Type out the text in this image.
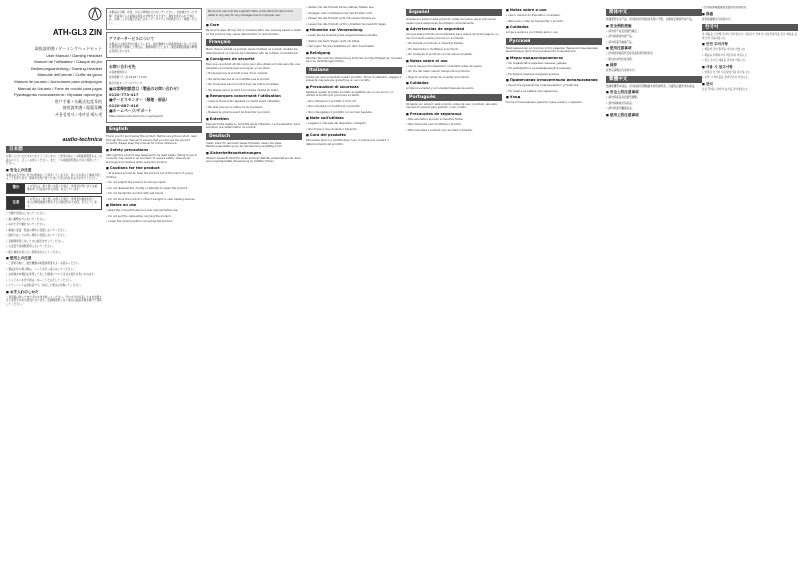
ATH-GL3 ZIN
取扱説明書 / ゲーミングヘッドセット
User Manual / Gaming Headset
Manuel de l'utilisateur / Casque de jeu
Bedienungsanleitung / Gaming-Headset
Manuale dell'utente / Cuffie da gioco
Manual de usuario / Auriculares para videojuegos
Manual do Usuário / Fone de ouvido para jogos
Руководство пользователя / Игровая гарнитура
用户手册 / 头戴式电竞耳机
使用說明書 / 電競耳機
사용설명서 / 게이밍 헤드셋
audio-technica
日本語
お買い上げいただきありがとうございます。ご使用の前にこの取扱説明書をよくお読みのうえ、正しくお使いください。また、この取扱説明書は大切に保管してください。
■ 安全上の注意
本製品は安全性に充分な配慮をして設計していますが、使い方を誤ると事故が起こることがあります。事故を未然に防ぐために下記の内容を必ずお守りください。
警告	この表示は「取り扱いを誤った場合、使用者が死亡または重傷を負う可能性がある内容」を示しています。
注意
この表示は「取り扱いを誤った場合、使用者が傷害を負う、または物的損害が発生する可能性がある内容」を示しています。
• 分解や改造はしないでください。
• 強い衝撃を与えないでください。
• ぬれた手で触れないでください。
• 極端に高温・低温の場所に放置しないでください。
• 湿気やほこりの多い場所に放置しないでください。
• 長時間使用しないときは接続を外してください。
• 大音量で長時間使用しないでください。
• 肌に異常を感じたら使用を中止してください。
■ 使用上の注意
• ご使用の前に、接続機器の取扱説明書をよくお読みください。
• 製品を持ち運ぶ際は、コードを引っ張らないでください。
• お客様が本製品を使用して生じた損害について当社は責任を負いかねます。
• ヘッドホンを外す際は、ゆっくりとはずしてください。
• イヤーパッドは消耗品です。劣化した場合は交換してください。
■ お手入れのしかた
ご使用後は乾いた布で汚れを拭き取ってください。汗や水分が付着したまま放置すると変色や劣化の原因になります。長期間使用しない場合は高温多湿を避けて保管してください。
本製品の分解、改造、および修理は行わないでください。お客様が行った分解・改造等による故障は保証の対象外となります。異常が認められた場合は、お買い上げの販売店またはオーディオテクニカ相談窓口へご連絡ください。
アフターサービスについて
本製品には保証書が付属しています。保証期間中に取扱説明書に従った正常な使用状態で故障した場合は、無償修理いたします。保証期間経過後の修理は有償となります。
お問い合わせ先
お客様相談窓口
受付時間 月～金 10:00～17:00
株式会社オーディオテクニカ
■お客様相談窓口（製品のお問い合わせ）
0120-773-417
■サービスセンター（修理・部品）
0120-887-416
■ホームページ/サポート
https://www.audio-technica.co.jp/support/
English
Thank you for purchasing this product. Before using the product, read through this user manual to ensure that you will use the product correctly. Please keep this manual for future reference.
■ Safety precautions
Although this product was designed to be used safely, failing to use it correctly may result in an accident. To ensure safety, observe all warnings and cautions while using the product.
■ Cautions for the product
• To prevent accidents, keep the product out of the reach of young children.
• Do not subject the product to strong impact.
• Do not disassemble, modify or attempt to repair the product.
• Do not handle the product with wet hands.
• Do not store the product in direct sunlight or near heating devices.
■ Notes on use
• Read the connected device's user manual before use.
• Do not pull the cable when carrying the product.
• Lower the volume before connecting the product.
Be sure to use only the supplied cable. Audio-Technica will not be liable in any way for any damages due to improper use.
■ Care
Be sure to wipe off any dirt or moisture after use. Leaving sweat or water on the product may cause deterioration or discoloration.
Français
Merci d'avoir acheté ce produit. Avant d'utiliser ce produit, veuillez lire attentivement ce manuel de l'utilisateur afin de l'utiliser correctement.
■ Consignes de sécurité
Bien que ce produit ait été conçu pour être utilisé en toute sécurité, une utilisation incorrecte peut provoquer un accident.
• N'exposez pas le produit à des chocs violents.
• Ne démontez pas et ne modifiez pas le produit.
• Ne manipulez pas le produit avec les mains mouillées.
• Ne laissez pas le produit à la lumière directe du soleil.
■ Remarques concernant l'utilisation
• Lisez le manuel de l'appareil connecté avant utilisation.
• Ne tirez pas sur le câble lors du transport.
• Baissez le volume avant de brancher le produit.
■ Entretien
Essuyez toute saleté ou humidité après utilisation. La transpiration peut entraîner une détérioration du produit.
Deutsch
Vielen Dank für den Kauf dieses Produkts. Lesen Sie diese Bedienungsanleitung vor der Verwendung sorgfältig durch.
■ Sicherheitsvorkehrungen
Obwohl dieses Produkt für einen sicheren Betrieb entwickelt wurde, kann eine unsachgemäße Verwendung zu Unfällen führen.
• Setzen Sie das Produkt keinen starken Stößen aus.
• Zerlegen oder modifizieren Sie das Produkt nicht.
• Fassen Sie das Produkt nicht mit nassen Händen an.
• Lassen Sie das Produkt nicht in direktem Sonnenlicht liegen.
■ Hinweise zur Verwendung
• Lesen Sie die Anleitung des angeschlossenen Geräts.
• Ziehen Sie beim Tragen nicht am Kabel.
• Verringern Sie die Lautstärke vor dem Anschließen.
■ Reinigung
Wischen Sie nach der Verwendung Schmutz und Feuchtigkeit ab. Schweiß kann zu Verfärbungen führen.
Italiano
Grazie per aver acquistato questo prodotto. Prima di utilizzarlo, leggere il presente manuale per garantirne un uso corretto.
■ Precauzioni di sicurezza
Sebbene questo prodotto sia stato progettato per un uso sicuro, un utilizzo scorretto può provocare incidenti.
• Non sottoporre il prodotto a forti urti.
• Non smontare né modificare il prodotto.
• Non maneggiare il prodotto con le mani bagnate.
■ Note sull'utilizzo
• Leggere il manuale del dispositivo collegato.
• Non tirare il cavo durante il trasporto.
■ Cura del prodotto
Rimuovere sporco e umidità dopo l'uso. Il sudore può causare il deterioramento del prodotto.
Español
Gracias por adquirir este producto. Antes de usarlo, lea el manual de usuario para asegurarse de utilizarlo correctamente.
■ Advertencias de seguridad
Aunque este producto se ha diseñado para usarse de forma segura, un uso incorrecto puede provocar un accidente.
• No someta el producto a impactos fuertes.
• No desmonte ni modifique el producto.
• No manipule el producto con las manos mojadas.
■ Notas sobre el uso
• Lea el manual del dispositivo conectado antes de usarlo.
• No tire del cable cuando transporte el producto.
• Baje el volumen antes de conectar el producto.
■ Cuidados
Limpie la suciedad y la humedad después de usarlo.
Português
Obrigado por adquirir este produto. Antes de usar o produto, leia este manual do usuário para garantir o uso correto.
■ Precauções de segurança
• Não submeta o produto a impactos fortes.
• Não desmonte nem modifique o produto.
• Não manuseie o produto com as mãos molhadas.
■ Notas sobre o uso
• Leia o manual do dispositivo conectado.
• Não puxe o cabo ao transportar o produto.
■ Cuidados
Limpe a sujeira e a umidade após o uso.
Русский
Благодарим вас за покупку этого изделия. Перед использованием внимательно прочтите руководство пользователя.
■ Меры предосторожности
• Не подвергайте изделие сильным ударам.
• Не разбирайте и не модифицируйте изделие.
• Не берите изделие мокрыми руками.
■ Примечания относительно использования
• Прочтите руководство подключаемого устройства.
• Не тяните за кабель при переноске.
■ Уход
После использования удалите грязь и влагу с изделия.
简体中文
感谢您购买本产品。使用前请仔细阅读本用户手册，以确保正确使用本产品。
■ 安全预防措施
• 请勿使产品受到强烈撞击。
• 请勿拆卸或改装产品。
• 请勿用湿手触摸产品。
■ 使用注意事项
• 使用前请阅读所连接设备的使用说明书。
• 搬运时请勿拉扯线缆。
■ 保养
使用后请擦去污垢和水分。
繁體中文
感謝您購買本產品。使用前請仔細閱讀本使用說明書，以確保正確使用本產品。
■ 安全上的注意事項
• 請勿使產品受到強烈撞擊。
• 請勿拆解或改造產品。
• 請勿用濕手觸摸產品。
■ 使用上的注意事項
• 使用前請閱讀連接裝置的使用說明書。
■ 保養
使用後請擦去污垢和水分。
한국어
본 제품을 구입해 주셔서 감사합니다. 사용하기 전에 본 사용설명서를 읽고 제품을 올바르게 사용하십시오.
■ 안전 주의사항
• 제품에 강한 충격을 가하지 마십시오.
• 제품을 분해하거나 개조하지 마십시오.
• 젖은 손으로 제품을 만지지 마십시오.
■ 사용 시 참고사항
• 연결된 기기의 사용설명서를 읽으십시오.
• 운반 시 케이블을 잡아당기지 마십시오.
■ 관리
사용 후에는 먼지와 습기를 닦아내십시오.
